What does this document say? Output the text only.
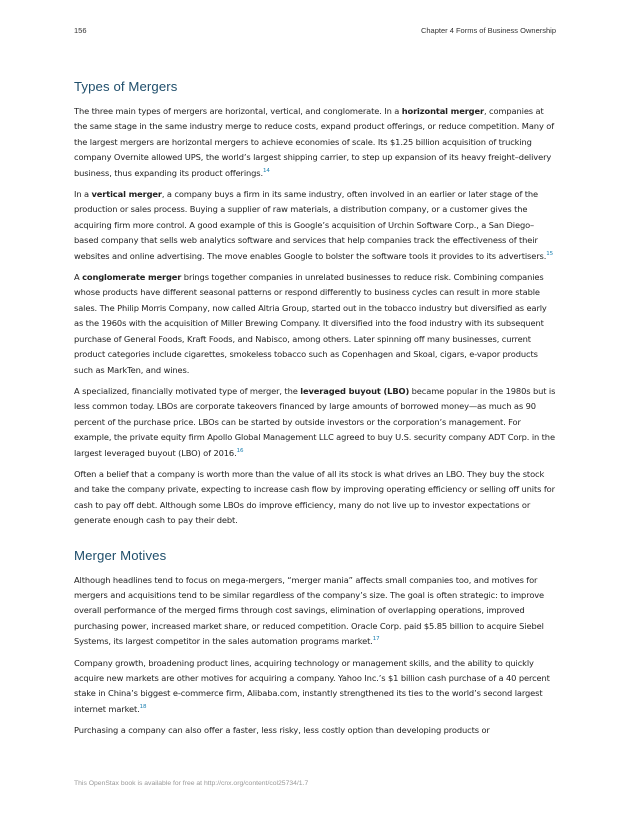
156	Chapter 4 Forms of Business Ownership
Types of Mergers

The three main types of mergers are horizontal, vertical, and conglomerate. In a horizontal merger, companies at the same stage in the same industry merge to reduce costs, expand product offerings, or reduce competition. Many of the largest mergers are horizontal mergers to achieve economies of scale. Its $1.25 billion acquisition of trucking company Overnite allowed UPS, the world’s largest shipping carrier, to step up expansion of its heavy freight–delivery business, thus expanding its product offerings.$^{14}$

In a vertical merger, a company buys a firm in its same industry, often involved in an earlier or later stage of the production or sales process. Buying a supplier of raw materials, a distribution company, or a customer gives the acquiring firm more control. A good example of this is Google’s acquisition of Urchin Software Corp., a San Diego–based company that sells web analytics software and services that help companies track the effectiveness of their websites and online advertising. The move enables Google to bolster the software tools it provides to its advertisers.$^{15}$

A conglomerate merger brings together companies in unrelated businesses to reduce risk. Combining companies whose products have different seasonal patterns or respond differently to business cycles can result in more stable sales. The Philip Morris Company, now called Altria Group, started out in the tobacco industry but diversified as early as the 1960s with the acquisition of Miller Brewing Company. It diversified into the food industry with its subsequent purchase of General Foods, Kraft Foods, and Nabisco, among others. Later spinning off many businesses, current product categories include cigarettes, smokeless tobacco such as Copenhagen and Skoal, cigars, e-vapor products such as MarkTen, and wines.

A specialized, financially motivated type of merger, the leveraged buyout (LBO) became popular in the 1980s but is less common today. LBOs are corporate takeovers financed by large amounts of borrowed money—as much as 90 percent of the purchase price. LBOs can be started by outside investors or the corporation’s management. For example, the private equity firm Apollo Global Management LLC agreed to buy U.S. security company ADT Corp. in the largest leveraged buyout (LBO) of 2016.16

Often a belief that a company is worth more than the value of all its stock is what drives an LBO. They buy the stock and take the company private, expecting to increase cash flow by improving operating efficiency or selling off units for cash to pay off debt. Although some LBOs do improve efficiency, many do not live up to investor expectations or generate enough cash to pay their debt.

Merger Motives

Although headlines tend to focus on mega-mergers, “merger mania” affects small companies too, and motives for mergers and acquisitions tend to be similar regardless of the company’s size. The goal is often strategic: to improve overall performance of the merged firms through cost savings, elimination of overlapping operations, improved purchasing power, increased market share, or reduced competition. Oracle Corp. paid $5.85 billion to acquire Siebel Systems, its largest competitor in the sales automation programs market.$^{17}$

Company growth, broadening product lines, acquiring technology or management skills, and the ability to quickly acquire new markets are other motives for acquiring a company. Yahoo Inc.’s $1 billion cash purchase of a 40 percent stake in China’s biggest e-commerce firm, Alibaba.com, instantly strengthened its ties to the world’s second largest internet market.$^{18}$

Purchasing a company can also offer a faster, less risky, less costly option than developing products or

This OpenStax book is available for free at http://cnx.org/content/col25734/1.7
